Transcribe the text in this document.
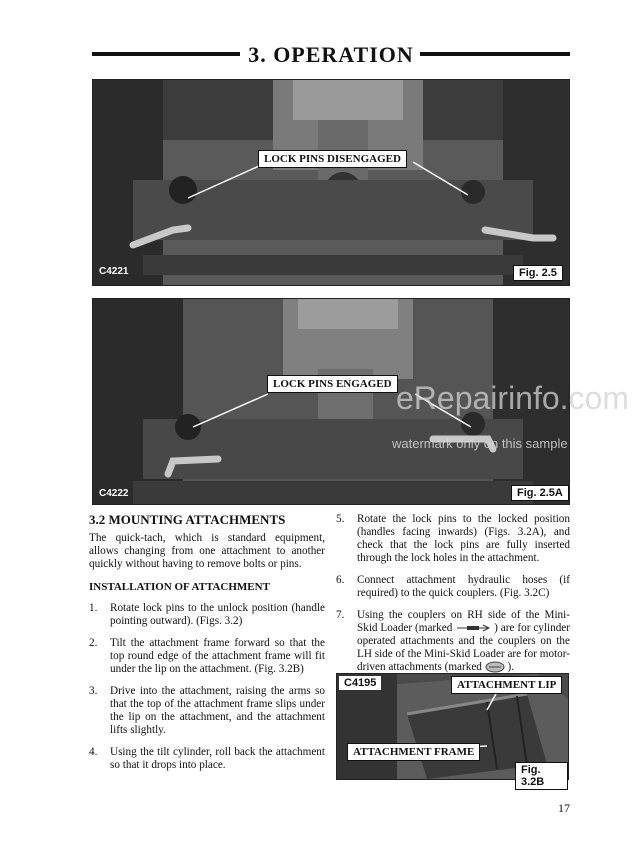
3. OPERATION
LOCK PINS DISENGAGED
C4221	Fig. 2.5
LOCK PINS ENGAGED
C4222	Fig. 2.5A
eRepairinfo.com
watermark only on this sample
3.2 MOUNTING ATTACHMENTS

The quick-tach, which is standard equipment, allows changing from one attachment to another quickly without having to remove bolts or pins.

INSTALLATION OF ATTACHMENT
1.	Rotate lock pins to the unlock position (handle pointing outward). (Figs. 3.2)
2.	Tilt the attachment frame forward so that the top round edge of the attachment frame will fit under the lip on the attachment. (Fig. 3.2B)
3.	Drive into the attachment, raising the arms so that the top of the attachment frame slips under the lip on the attachment, and the attachment lifts slightly.
4.	Using the tilt cylinder, roll back the attachment so that it drops into place.
5.	Rotate the lock pins to the locked position (handles facing inwards) (Figs. 3.2A), and check that the lock pins are fully inserted through the lock holes in the attachment.
6.	Connect attachment hydraulic hoses (if required) to the quick couplers. (Fig. 3.2C)
7.	Using the couplers on RH side of the Mini-Skid Loader (marked	) are for cylinder operated attachments and the couplers on the LH side of the Mini-Skid Loader are for motor-driven attachments (marked ).
C4195	ATTACHMENT LIP
ATTACHMENT FRAME
Fig. 3.2B
17
